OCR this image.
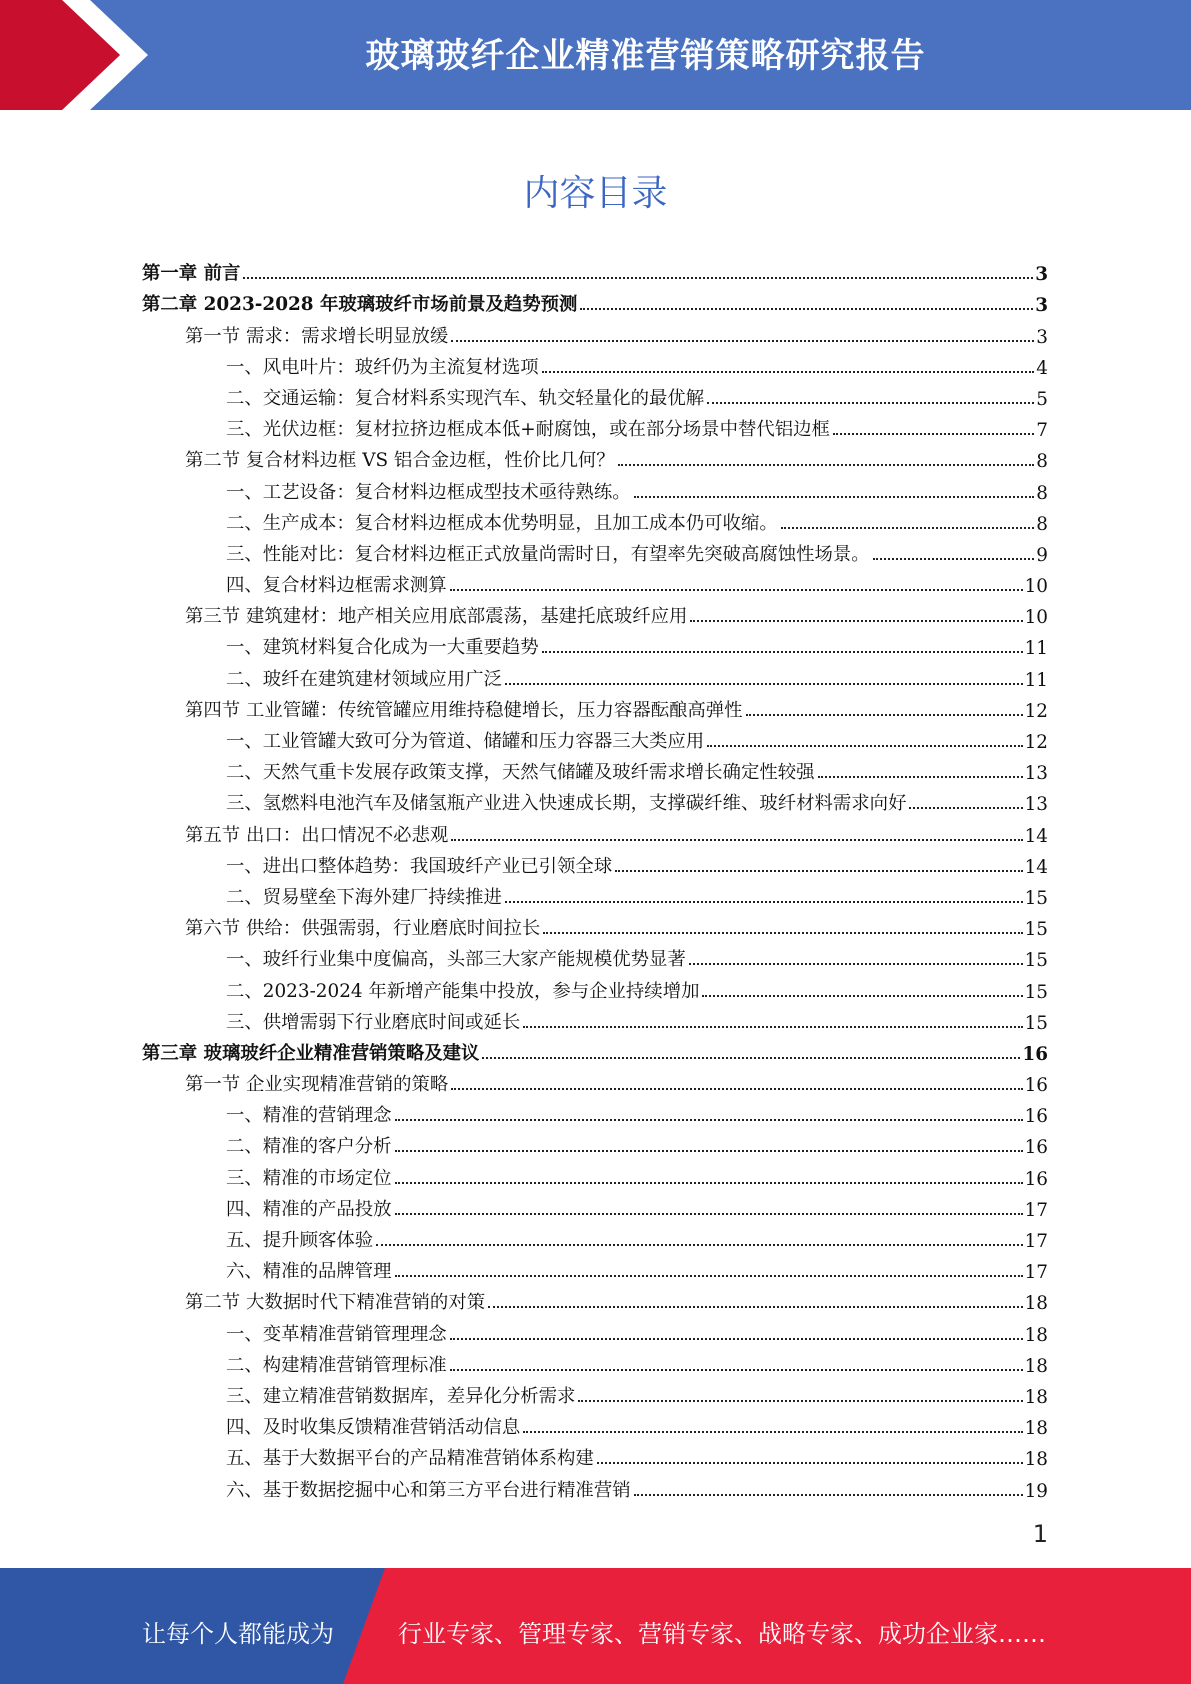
玻璃玻纤企业精准营销策略研究报告
内容目录
第一章 前言	3
第二章 2023-2028 年玻璃玻纤市场前景及趋势预测	3
第一节 需求：需求增长明显放缓	3
一、风电叶片：玻纤仍为主流复材选项	4
二、交通运输：复合材料系实现汽车、轨交轻量化的最优解	5
三、光伏边框：复材拉挤边框成本低+耐腐蚀，或在部分场景中替代铝边框	7
第二节 复合材料边框 VS 铝合金边框，性价比几何？	8
一、工艺设备：复合材料边框成型技术亟待熟练。	8
二、生产成本：复合材料边框成本优势明显，且加工成本仍可收缩。	8
三、性能对比：复合材料边框正式放量尚需时日，有望率先突破高腐蚀性场景。	9
四、复合材料边框需求测算	10
第三节 建筑建材：地产相关应用底部震荡，基建托底玻纤应用	10
一、建筑材料复合化成为一大重要趋势	11
二、玻纤在建筑建材领域应用广泛	11
第四节 工业管罐：传统管罐应用维持稳健增长，压力容器酝酿高弹性	12
一、工业管罐大致可分为管道、储罐和压力容器三大类应用	12
二、天然气重卡发展存政策支撑，天然气储罐及玻纤需求增长确定性较强	13
三、氢燃料电池汽车及储氢瓶产业进入快速成长期，支撑碳纤维、玻纤材料需求向好	13
第五节 出口：出口情况不必悲观	14
一、进出口整体趋势：我国玻纤产业已引领全球	14
二、贸易壁垒下海外建厂持续推进	15
第六节 供给：供强需弱，行业磨底时间拉长	15
一、玻纤行业集中度偏高，头部三大家产能规模优势显著	15
二、2023-2024 年新增产能集中投放，参与企业持续增加	15
三、供增需弱下行业磨底时间或延长	15
第三章 玻璃玻纤企业精准营销策略及建议	16
第一节 企业实现精准营销的策略	16
一、精准的营销理念	16
二、精准的客户分析	16
三、精准的市场定位	16
四、精准的产品投放	17
五、提升顾客体验	17
六、精准的品牌管理	17
第二节 大数据时代下精准营销的对策	18
一、变革精准营销管理理念	18
二、构建精准营销管理标准	18
三、建立精准营销数据库，差异化分析需求	18
四、及时收集反馈精准营销活动信息	18
五、基于大数据平台的产品精准营销体系构建	18
六、基于数据挖掘中心和第三方平台进行精准营销	19
1
让每个人都能成为	行业专家、管理专家、营销专家、战略专家、成功企业家……
